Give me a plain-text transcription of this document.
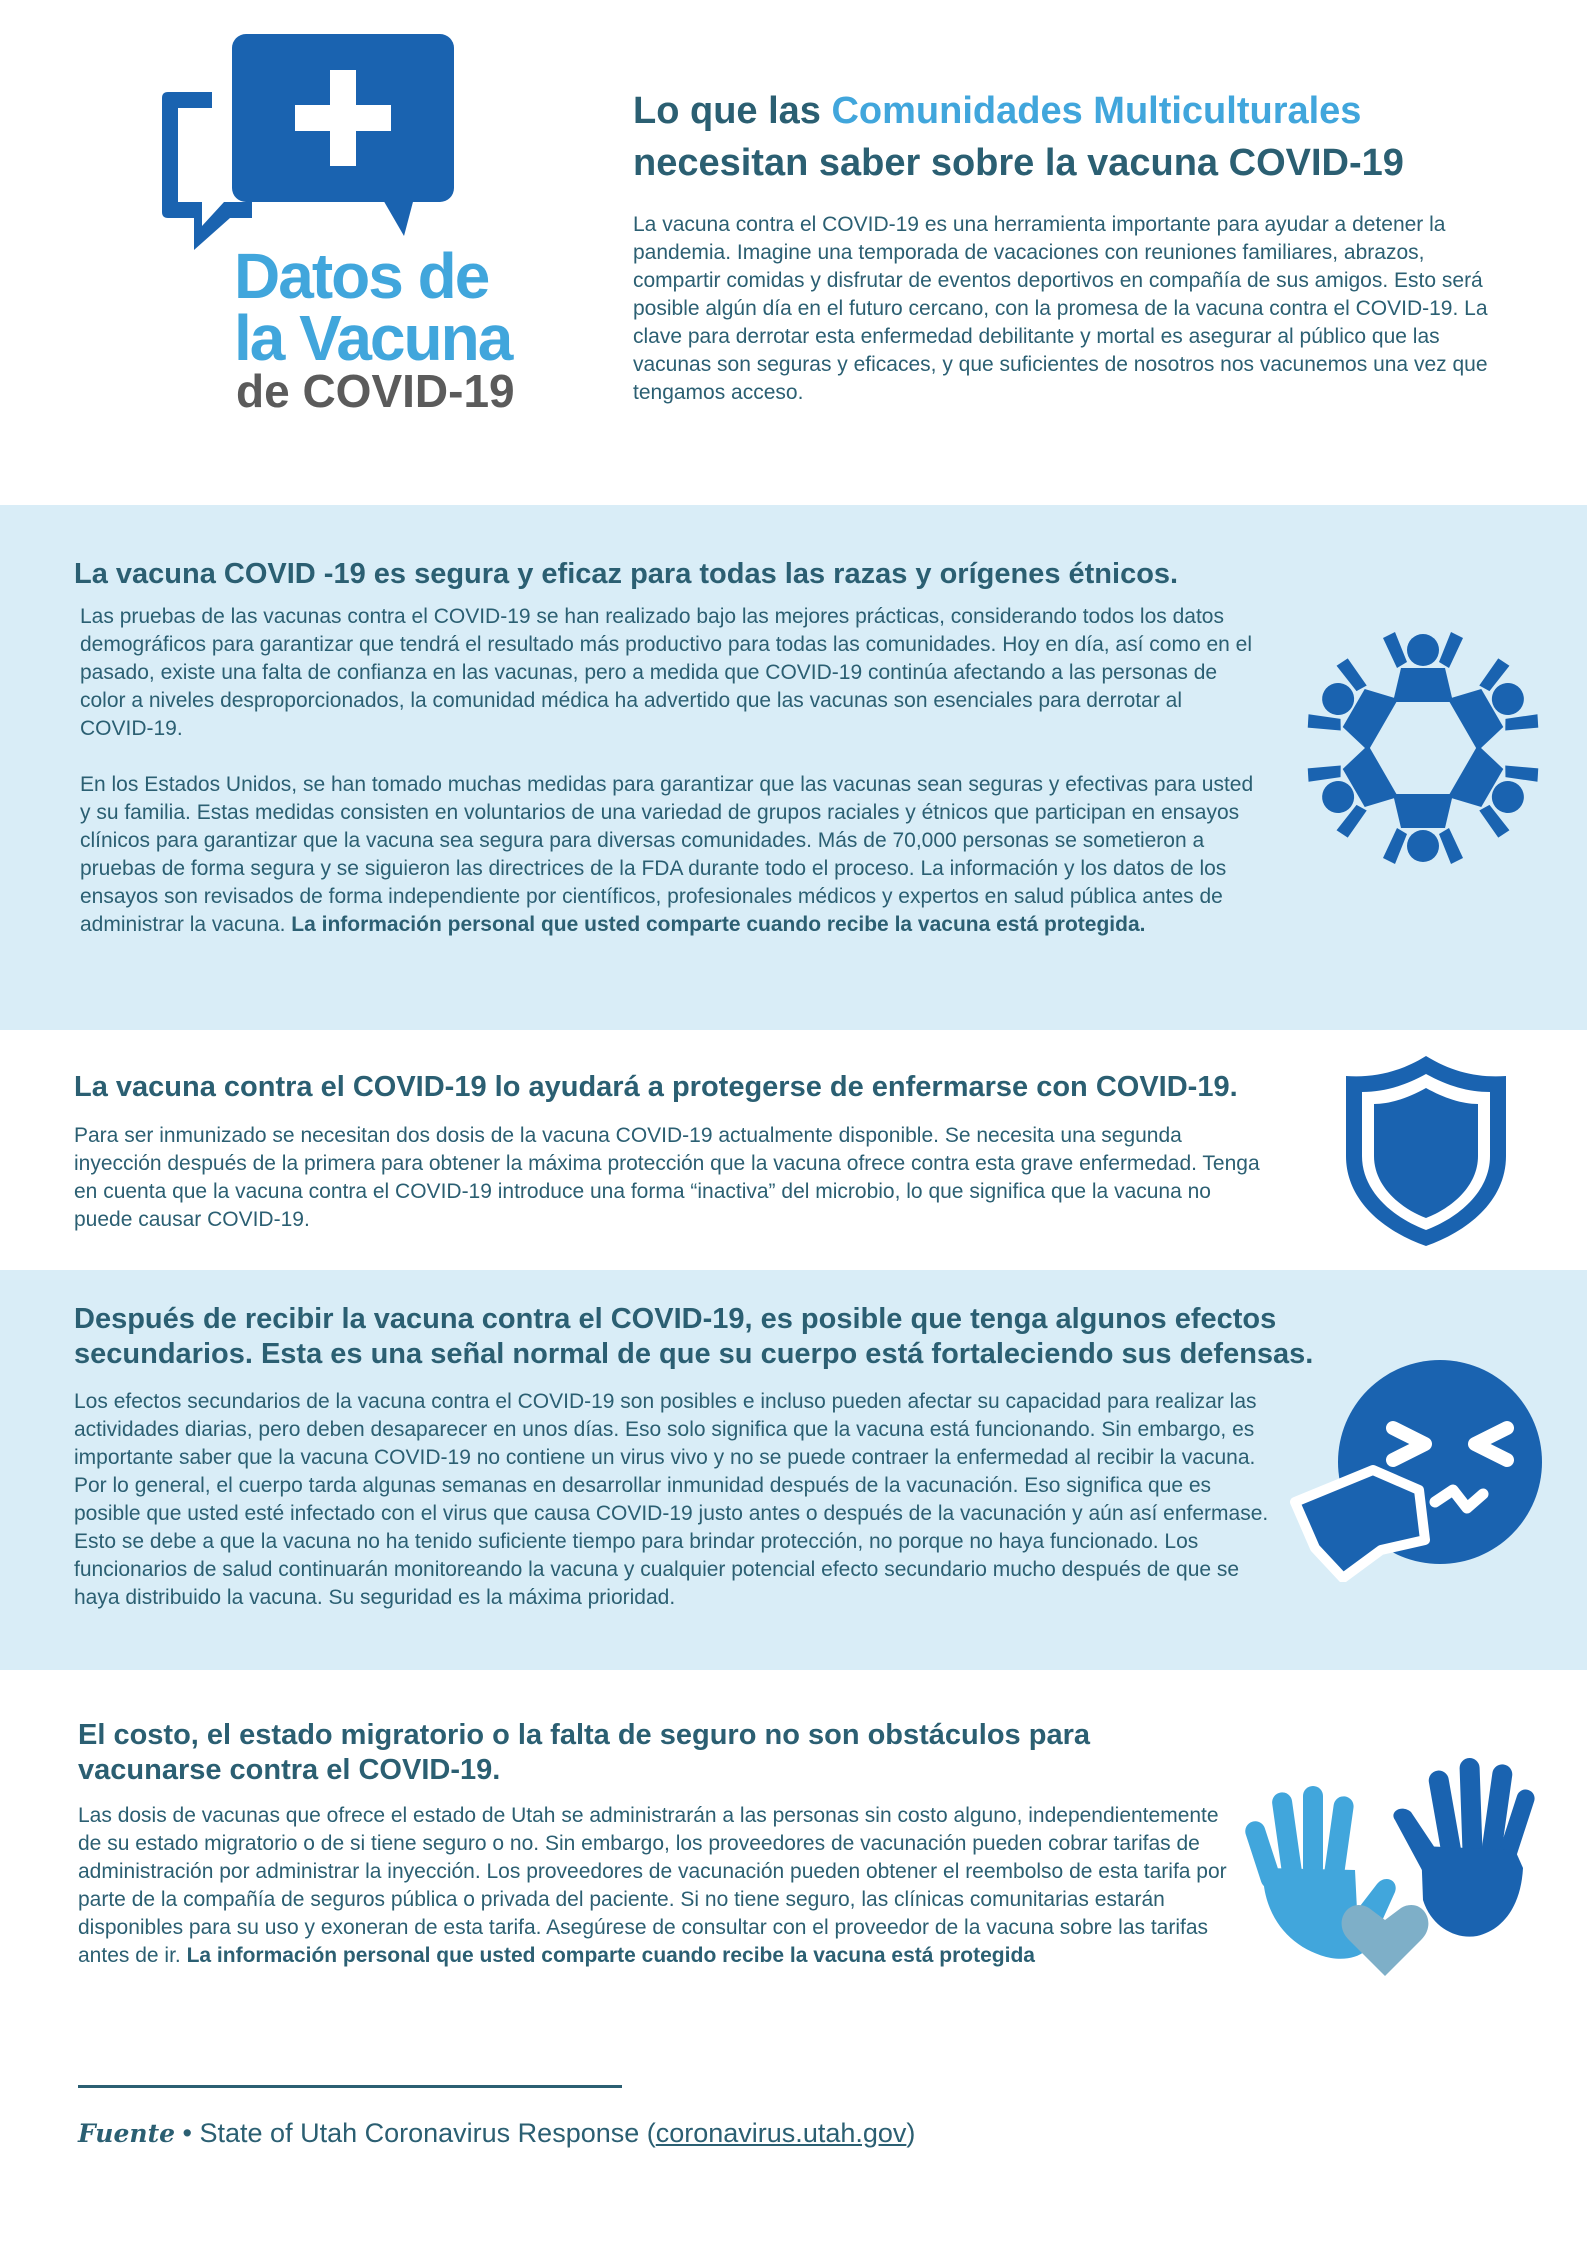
Datos de
la Vacuna
de COVID-19
Lo que las Comunidades Multiculturales
necesitan saber sobre la vacuna COVID-19

La vacuna contra el COVID-19 es una herramienta importante para ayudar a detener la pandemia. Imagine una temporada de vacaciones con reuniones familiares, abrazos, compartir comidas y disfrutar de eventos deportivos en compañía de sus amigos. Esto será posible algún día en el futuro cercano, con la promesa de la vacuna contra el COVID-19. La clave para derrotar esta enfermedad debilitante y mortal es asegurar al público que las vacunas son seguras y eficaces, y que suficientes de nosotros nos vacunemos una vez que tengamos acceso.

La vacuna COVID -19 es segura y eficaz para todas las razas y orígenes étnicos.

Las pruebas de las vacunas contra el COVID-19 se han realizado bajo las mejores prácticas, considerando todos los datos demográficos para garantizar que tendrá el resultado más productivo para todas las comunidades. Hoy en día, así como en el pasado, existe una falta de confianza en las vacunas, pero a medida que COVID-19 continúa afectando a las personas de color a niveles desproporcionados, la comunidad médica ha advertido que las vacunas son esenciales para derrotar al COVID-19.

En los Estados Unidos, se han tomado muchas medidas para garantizar que las vacunas sean seguras y efectivas para usted y su familia. Estas medidas consisten en voluntarios de una variedad de grupos raciales y étnicos que participan en ensayos clínicos para garantizar que la vacuna sea segura para diversas comunidades. Más de 70,000 personas se sometieron a pruebas de forma segura y se siguieron las directrices de la FDA durante todo el proceso. La información y los datos de los ensayos son revisados de forma independiente por científicos, profesionales médicos y expertos en salud pública antes de administrar la vacuna. La información personal que usted comparte cuando recibe la vacuna está protegida.

La vacuna contra el COVID-19 lo ayudará a protegerse de enfermarse con COVID-19.

Para ser inmunizado se necesitan dos dosis de la vacuna COVID-19 actualmente disponible. Se necesita una segunda inyección después de la primera para obtener la máxima protección que la vacuna ofrece contra esta grave enfermedad. Tenga en cuenta que la vacuna contra el COVID-19 introduce una forma “inactiva” del microbio, lo que significa que la vacuna no puede causar COVID-19.

Después de recibir la vacuna contra el COVID-19, es posible que tenga algunos efectos secundarios. Esta es una señal normal de que su cuerpo está fortaleciendo sus defensas.

Los efectos secundarios de la vacuna contra el COVID-19 son posibles e incluso pueden afectar su capacidad para realizar las actividades diarias, pero deben desaparecer en unos días. Eso solo significa que la vacuna está funcionando. Sin embargo, es importante saber que la vacuna COVID-19 no contiene un virus vivo y no se puede contraer la enfermedad al recibir la vacuna. Por lo general, el cuerpo tarda algunas semanas en desarrollar inmunidad después de la vacunación. Eso significa que es posible que usted esté infectado con el virus que causa COVID-19 justo antes o después de la vacunación y aún así enfermase. Esto se debe a que la vacuna no ha tenido suficiente tiempo para brindar protección, no porque no haya funcionado. Los funcionarios de salud continuarán monitoreando la vacuna y cualquier potencial efecto secundario mucho después de que se haya distribuido la vacuna. Su seguridad es la máxima prioridad.

El costo, el estado migratorio o la falta de seguro no son obstáculos para vacunarse contra el COVID-19.

Las dosis de vacunas que ofrece el estado de Utah se administrarán a las personas sin costo alguno, independientemente de su estado migratorio o de si tiene seguro o no. Sin embargo, los proveedores de vacunación pueden cobrar tarifas de administración por administrar la inyección. Los proveedores de vacunación pueden obtener el reembolso de esta tarifa por parte de la compañía de seguros pública o privada del paciente. Si no tiene seguro, las clínicas comunitarias estarán disponibles para su uso y exoneran de esta tarifa. Asegúrese de consultar con el proveedor de la vacuna sobre las tarifas antes de ir. La información personal que usted comparte cuando recibe la vacuna está protegida

Fuente • State of Utah Coronavirus Response (coronavirus.utah.gov)
